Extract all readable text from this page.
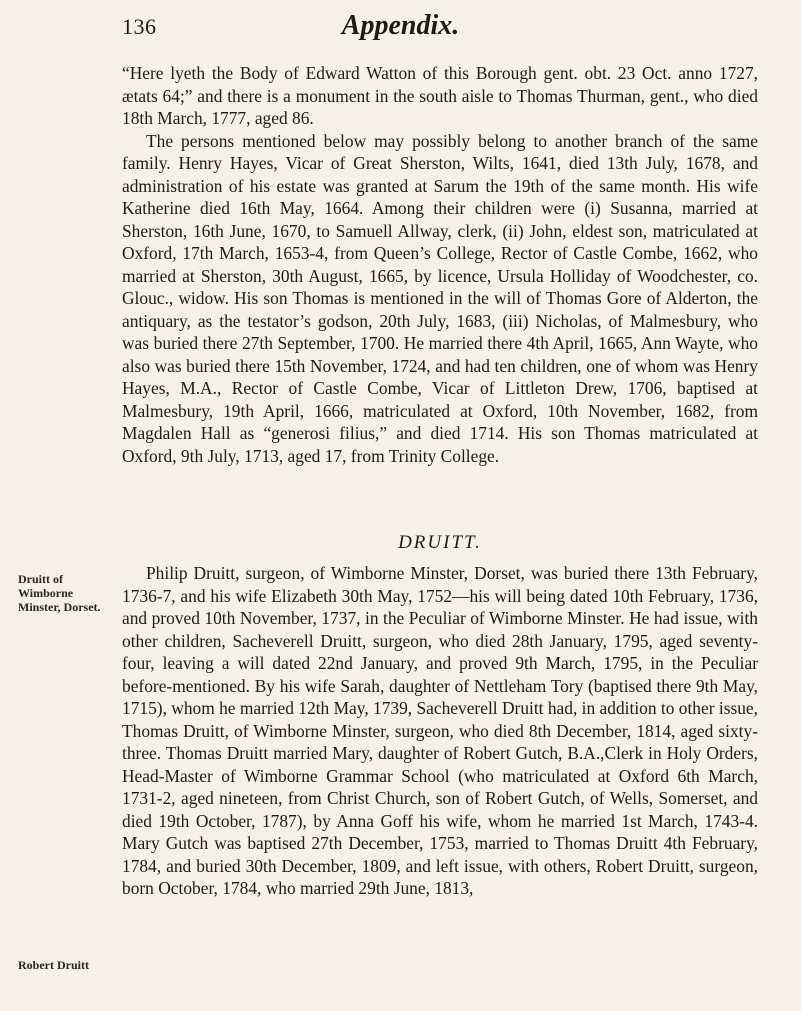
136	Appendix.

“Here lyeth the Body of Edward Watton of this Borough gent. obt. 23 Oct. anno 1727, ætats 64;” and there is a monument in the south aisle to Thomas Thurman, gent., who died 18th March, 1777, aged 86.

The persons mentioned below may possibly belong to another branch of the same family. Henry Hayes, Vicar of Great Sherston, Wilts, 1641, died 13th July, 1678, and administration of his estate was granted at Sarum the 19th of the same month. His wife Katherine died 16th May, 1664. Among their children were (i) Susanna, married at Sherston, 16th June, 1670, to Samuell Allway, clerk, (ii) John, eldest son, matriculated at Oxford, 17th March, 1653-4, from Queen’s College, Rector of Castle Combe, 1662, who married at Sherston, 30th August, 1665, by licence, Ursula Holliday of Woodchester, co. Glouc., widow. His son Thomas is mentioned in the will of Thomas Gore of Alderton, the antiquary, as the testator’s godson, 20th July, 1683, (iii) Nicholas, of Malmesbury, who was buried there 27th September, 1700. He married there 4th April, 1665, Ann Wayte, who also was buried there 15th November, 1724, and had ten children, one of whom was Henry Hayes, M.A., Rector of Castle Combe, Vicar of Littleton Drew, 1706, baptised at Malmesbury, 19th April, 1666, matriculated at Oxford, 10th November, 1682, from Magdalen Hall as “generosi filius,” and died 1714. His son Thomas matriculated at Oxford, 9th July, 1713, aged 17, from Trinity College.

DRUITT.
Druitt of Wimborne Minster, Dorset.
Robert Druitt

Philip Druitt, surgeon, of Wimborne Minster, Dorset, was buried there 13th February, 1736-7, and his wife Elizabeth 30th May, 1752—his will being dated 10th February, 1736, and proved 10th November, 1737, in the Peculiar of Wimborne Minster. He had issue, with other children, Sacheverell Druitt, surgeon, who died 28th January, 1795, aged seventy-four, leaving a will dated 22nd January, and proved 9th March, 1795, in the Peculiar before-mentioned. By his wife Sarah, daughter of Nettleham Tory (baptised there 9th May, 1715), whom he married 12th May, 1739, Sacheverell Druitt had, in addition to other issue, Thomas Druitt, of Wimborne Minster, surgeon, who died 8th December, 1814, aged sixty-three. Thomas Druitt married Mary, daughter of Robert Gutch, B.A.,Clerk in Holy Orders, Head-Master of Wimborne Grammar School (who matriculated at Oxford 6th March, 1731-2, aged nineteen, from Christ Church, son of Robert Gutch, of Wells, Somerset, and died 19th October, 1787), by Anna Goff his wife, whom he married 1st March, 1743-4. Mary Gutch was baptised 27th December, 1753, married to Thomas Druitt 4th February, 1784, and buried 30th December, 1809, and left issue, with others, Robert Druitt, surgeon, born October, 1784, who married 29th June, 1813,
